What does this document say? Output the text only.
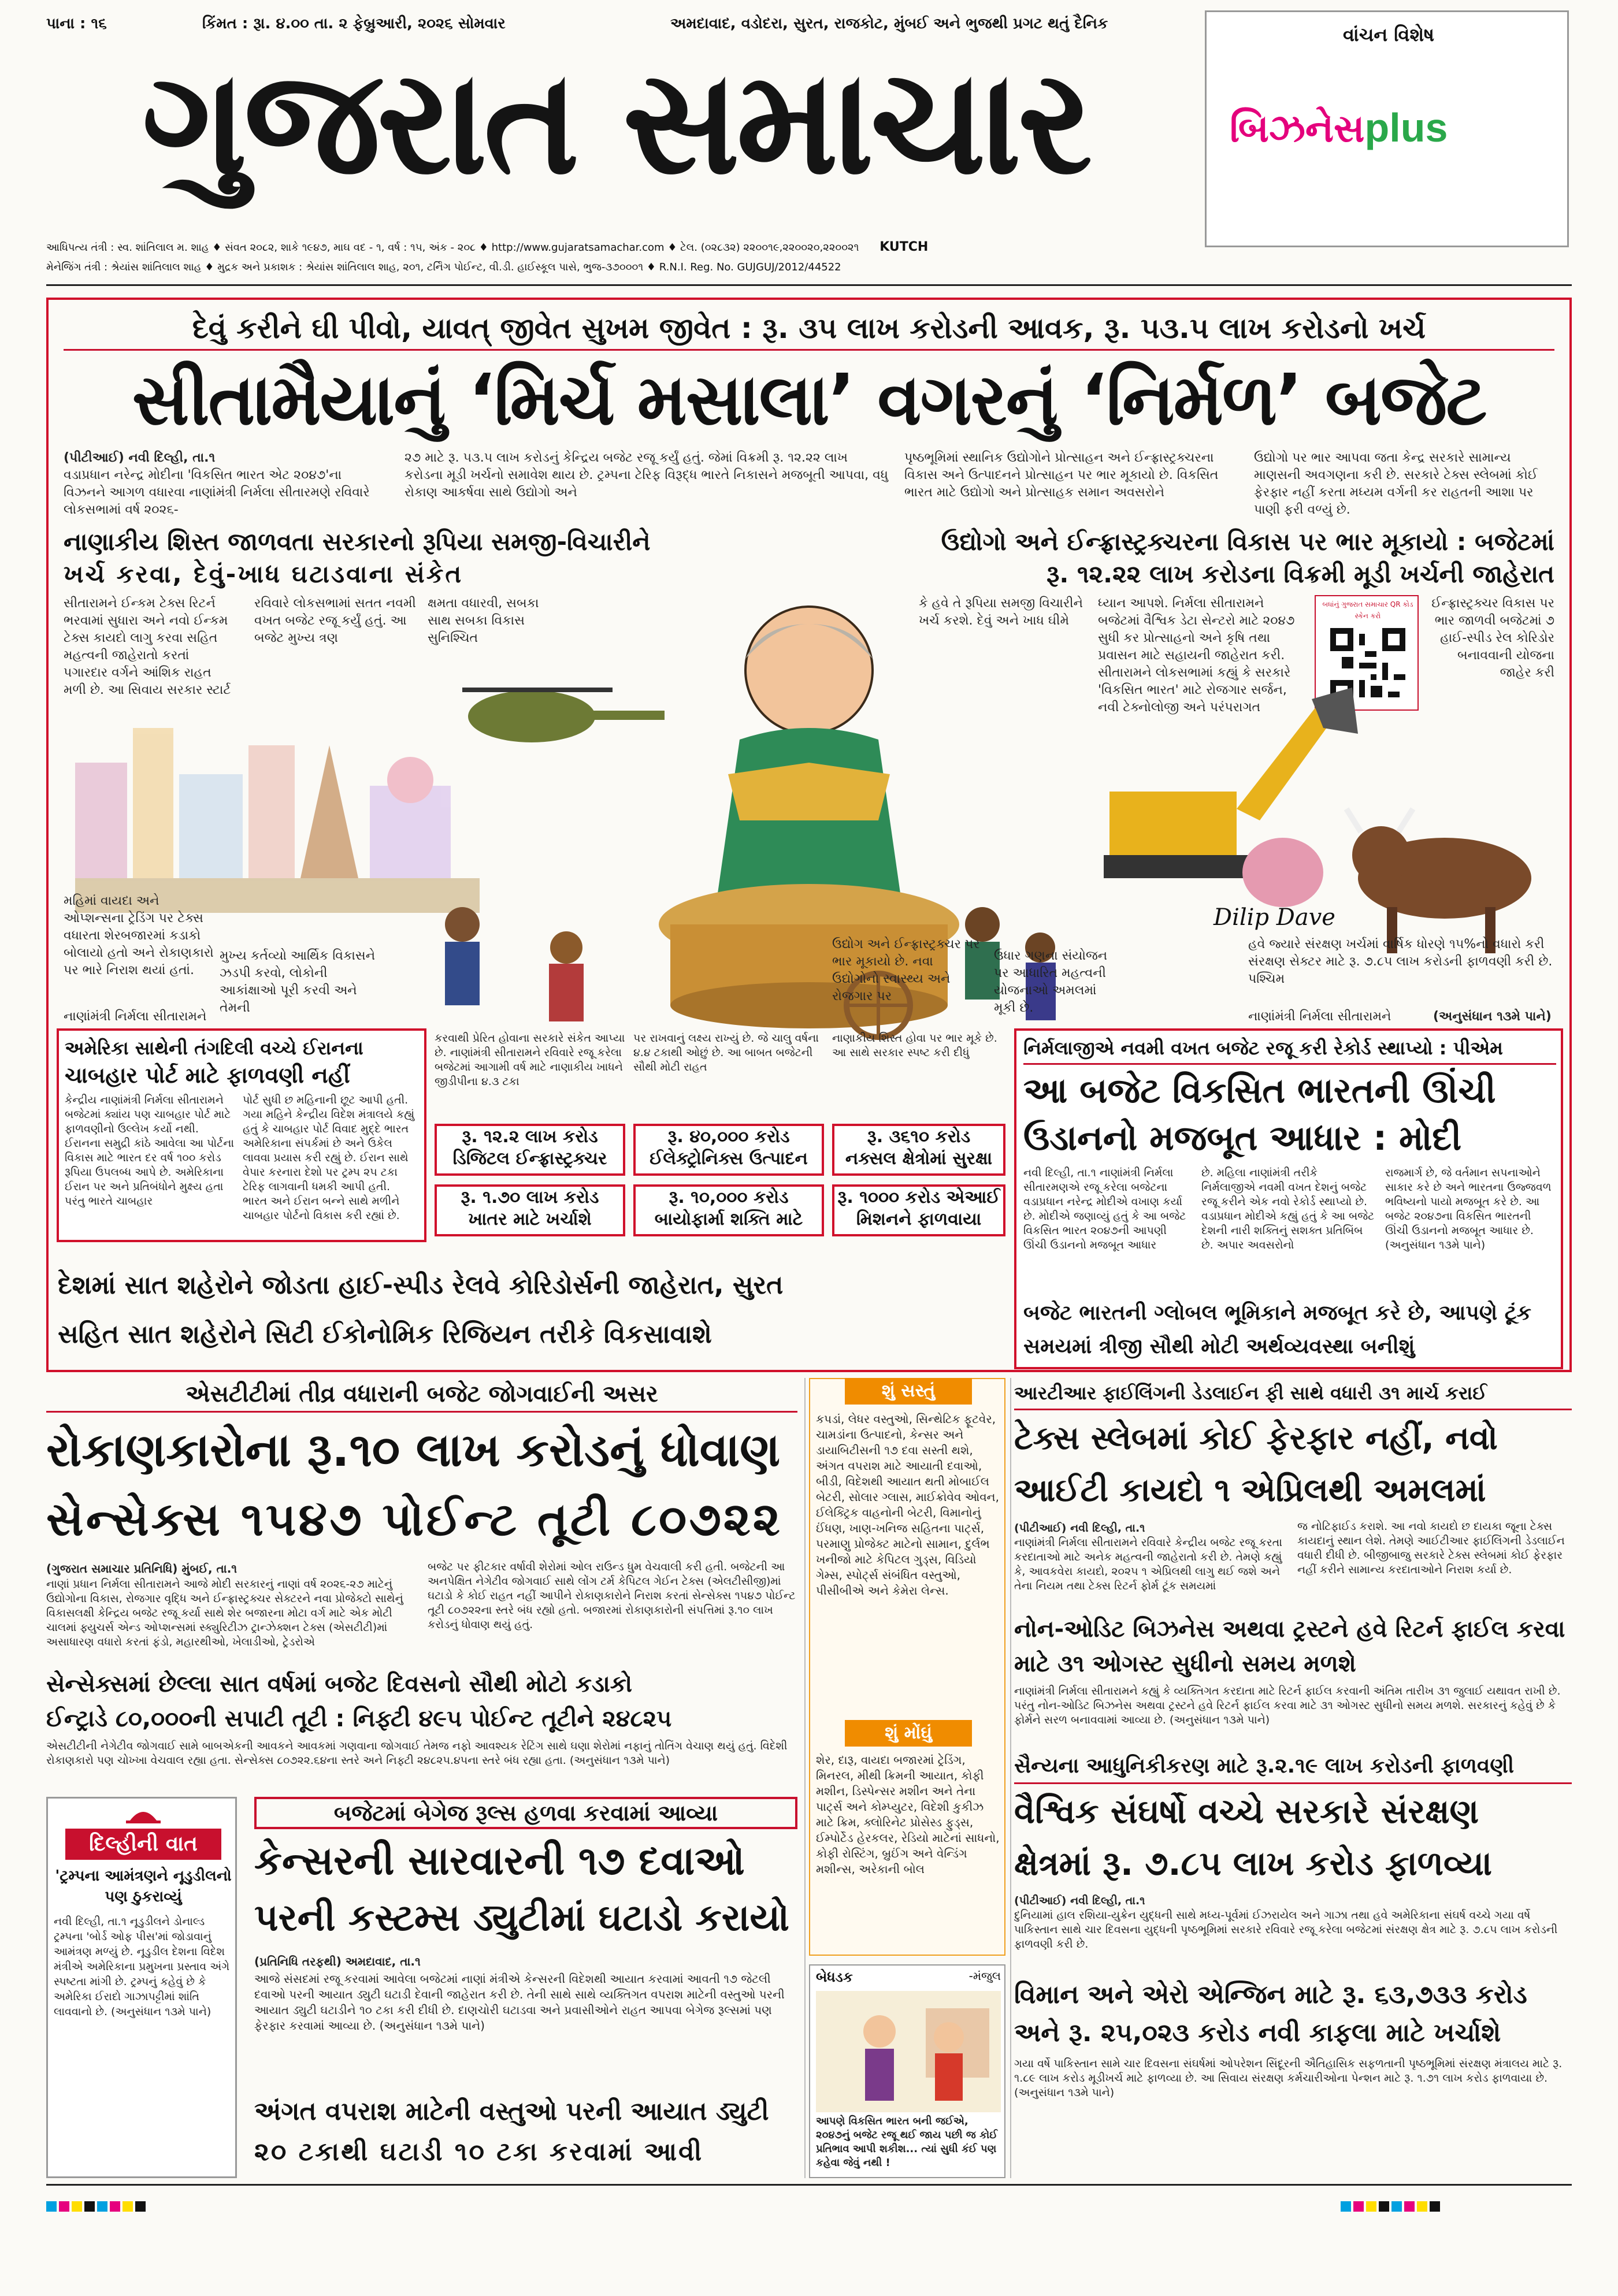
પાના : ૧૬	કિંમત : રૂા. ૪.૦૦ તા. ૨ ફેબ્રુઆરી, ૨૦૨૬ સોમવાર	અમદાવાદ, વડોદરા, સુરત, રાજકોટ, મુંબઈ અને ભુજથી પ્રગટ થતું દૈનિક
ગુજરાત સમાચાર
વાંચન વિશેષ
બિઝનેસplus
આધિપત્ય તંત્રી : સ્વ. શાંતિલાલ મ. શાહ ♦ સંવત ૨૦૮૨, શાકે ૧૯૪૭, માઘ વદ - ૧, વર્ષ : ૧૫, અંક - ૨૦૮ ♦ http://www.gujaratsamachar.com ♦ ટેલ. (૦૨૮૩૨) ૨૨૦૦૧૯,૨૨૦૦૨૦,૨૨૦૦૨૧ KUTCH
મેનેજિંગ તંત્રી : શ્રેયાંસ શાંતિલાલ શાહ ♦ મુદ્રક અને પ્રકાશક : શ્રેયાંસ શાંતિલાલ શાહ, ૨૦૧, ટર્નિંગ પોઈન્ટ, વી.ડી. હાઈસ્કૂલ પાસે, ભુજ-૩૭૦૦૦૧ ♦ R.N.I. Reg. No. GUJGUJ/2012/44522
દેવું કરીને ઘી પીવો, યાવત્ જીવેત સુખમ જીવેત : રૂ. ૩૫ લાખ કરોડની આવક, રૂ. ૫૩.૫ લાખ કરોડનો ખર્ચ
સીતામૈયાનું ‘મિર્ચ મસાલા’ વગરનું ‘નિર્મળ’ બજેટ
(પીટીઆઈ) નવી દિલ્હી, તા.૧
વડાપ્રધાન નરેન્દ્ર મોદીના 'વિકસિત ભારત એટ ૨૦૪૭'ના વિઝનને આગળ વધારવા નાણાંમંત્રી નિર્મલા સીતારમણે રવિવારે લોકસભામાં વર્ષ ૨૦૨૬-
૨૭ માટે રૂ. ૫૩.૫ લાખ કરોડનું કેન્દ્રિય બજેટ રજૂ કર્યું હતું. જેમાં વિક્રમી રૂ. ૧૨.૨૨ લાખ કરોડના મૂડી ખર્ચનો સમાવેશ થાય છે. ટ્રમ્પના ટેરિફ વિરૂદ્ધ ભારતે નિકાસને મજબૂતી આપવા, વધુ રોકાણ આકર્ષવા સાથે ઉદ્યોગો અને
પૃષ્ઠભૂમિમાં સ્થાનિક ઉદ્યોગોને પ્રોત્સાહન અને ઈન્ફ્રાસ્ટ્રક્ચરના વિકાસ અને ઉત્પાદનને પ્રોત્સાહન પર ભાર મૂકાયો છે. વિકસિત ભારત માટે ઉદ્યોગો અને પ્રોત્સાહક સમાન અવસરોને
ઉદ્યોગો પર ભાર આપવા જતા કેન્દ્ર સરકારે સામાન્ય માણસની અવગણના કરી છે. સરકારે ટેક્સ સ્લેબમાં કોઈ ફેરફાર નહીં કરતા મધ્યમ વર્ગની કર રાહતની આશા પર પાણી ફરી વળ્યું છે.
નાણાકીય શિસ્ત જાળવતા સરકારનો રૂપિયા સમજી-વિચારીને
ખર્ચ કરવા, દેવું-ખાધ ઘટાડવાના સંકેત
ઉદ્યોગો અને ઈન્ફ્રાસ્ટ્રક્ચરના વિકાસ પર ભાર મૂકાયો : બજેટમાં
રૂ. ૧૨.૨૨ લાખ કરોડના વિક્રમી મૂડી ખર્ચની જાહેરાત
સીતારામને ઈન્કમ ટેક્સ રિટર્ન ભરવામાં સુધારા અને નવો ઈન્કમ ટેક્સ કાયદો લાગુ કરવા સહિત મહત્વની જાહેરાતો કરતાં પગારદાર વર્ગને આંશિક રાહત મળી છે. આ સિવાય સરકાર સ્ટાર્ટ
રવિવારે લોકસભામાં સતત નવમી વખત બજેટ રજૂ કર્યું હતું. આ બજેટ મુખ્ય ત્રણ
ક્ષમતા વધારવી, સબકા સાથ સબકા વિકાસ સુનિશ્ચિત
કે હવે તે રૂપિયા સમજી વિચારીને ખર્ચ કરશે. દેવું અને ખાધ ઘીમે
ધ્યાન આપશે. નિર્મલા સીતારામને બજેટમાં વૈશ્વિક ડેટા સેન્ટરો માટે ૨૦૪૭ સુધી કર પ્રોત્સાહનો અને કૃષિ તથા પ્રવાસન માટે સહાયની જાહેરાત કરી. સીતારામને લોકસભામાં કહ્યું કે સરકારે 'વિકસિત ભારત' માટે રોજગાર સર્જન, નવી ટેક્નોલોજી અને પરંપરાગત
ઈન્ફ્રાસ્ટ્રક્ચર વિકાસ પર ભાર જાળવી બજેટમાં ૭ હાઈ-સ્પીડ રેલ કોરિડોર બનાવવાની યોજના જાહેર કરી
બધાંનું ગુજરાત સમાચાર QR કોડ સ્કેન કરો
Dilip Dave
મહિમાં વાયદા અને ઓપ્શન્સના ટ્રેડિંગ પર ટેક્સ વધારતા શેરબજારમાં કડાકો બોલાયો હતો અને રોકાણકારો પર ભારે નિરાશ થયાં હતાં.
મુખ્ય કર્તવ્યો આર્થિક વિકાસને ઝડપી કરવો, લોકોની આકાંક્ષાઓ પૂરી કરવી અને તેમની
ઉદ્યોગ અને ઈન્ફ્રાસ્ટ્રક્ચર પર ભાર મૂકાયો છે. નવા ઉદ્યોગોનો સ્વાસ્થ્ય અને રોજગાર પર
ઉધાર ગણના સંયોજન પર આધારિત મહત્વની યોજનાઓ અમલમાં મૂકી છે.
હવે જ્યારે સંરક્ષણ ખર્ચમાં વાર્ષિક ધોરણે ૧૫%નો વધારો કરી સંરક્ષણ સેક્ટર માટે રૂ. ૭.૮૫ લાખ કરોડની ફાળવણી કરી છે. પશ્ચિમ
નાણાંમંત્રી નિર્મલા સીતારામને	નાણાંમંત્રી નિર્મલા સીતારામને	(અનુસંધાન ૧૩મે પાને)
અમેરિકા સાથેની તંગદિલી વચ્ચે ઈરાનના
ચાબહાર પોર્ટ માટે ફાળવણી નહીં
કેન્દ્રીય નાણાંમંત્રી નિર્મલા સીતારામને બજેટમાં ક્યાંય પણ ચાબહાર પોર્ટ માટે ફાળવણીનો ઉલ્લેખ કર્યો નથી. ઈરાનના સમુદ્રી કાંઠે આવેલા આ પોર્ટના વિકાસ માટે ભારત દર વર્ષ ૧૦૦ કરોડ રૂપિયા ઉપલબ્ધ આપે છે. અમેરિકાના ઈરાન પર અને પ્રતિબંધોને મુક્ષ્ય હતા પરંતુ ભારતે ચાબહાર
પોર્ટ સુધી છ મહિનાની છૂટ આપી હતી. ગયા મહિને કેન્દ્રીય વિદેશ મંત્રાલયે કહ્યું હતું કે ચાબહાર પોર્ટ વિવાદ મુદ્દે ભારત અમેરિકાના સંપર્કમાં છે અને ઉકેલ લાવવા પ્રયાસ કરી રહ્યું છે. ઈરાન સાથે વેપાર કરનારા દેશો પર ટ્રમ્પ ૨૫ ટકા ટેરિફ લાગવાની ધમકી આપી હતી. ભારત અને ઈરાન બન્ને સાથે મળીને ચાબહાર પોર્ટનો વિકાસ કરી રહ્યાં છે.
કરવાથી પ્રેરિત હોવાના સરકારે સંકેત આપ્યા છે. નાણાંમંત્રી સીતારામને રવિવારે રજૂ કરેલા બજેટમાં આગામી વર્ષ માટે નાણાકીય ખાધને જીડીપીના ૪.૩ ટકા
પર રાખવાનું લક્ષ્ય રાખ્યું છે. જે ચાલુ વર્ષના ૪.૪ ટકાથી ઓછું છે. આ બાબત બજેટની સૌથી મોટી રાહત
નાણાકીય શિસ્ત હોવા પર ભાર મૂકે છે. આ સાથે સરકાર સ્પષ્ટ કરી દીધું
રૂ. ૧૨.૨ લાખ કરોડ
ડિજિટલ ઈન્ફ્રાસ્ટ્રક્ચર
રૂ. ૪૦,૦૦૦ કરોડ
ઈલેક્ટ્રોનિક્સ ઉત્પાદન
રૂ. ૩૬૧૦ કરોડ
નક્સલ ક્ષેત્રોમાં સુરક્ષા
રૂ. ૧.૭૦ લાખ કરોડ
ખાતર માટે ખર્ચાશે
રૂ. ૧૦,૦૦૦ કરોડ
બાયોફાર્મા શક્તિ માટે
રૂ. ૧૦૦૦ કરોડ એઆઈ
મિશનને ફાળવાયા
નિર્મલાજીએ નવમી વખત બજેટ રજૂ કરી રેકોર્ડ સ્થાપ્યો : પીએમ
આ બજેટ વિકસિત ભારતની ઊંચી
ઉડાનનો મજબૂત આધાર : મોદી
નવી દિલ્હી, તા.૧ નાણાંમંત્રી નિર્મલા સીતારમણએ રજૂ કરેલા બજેટના વડાપ્રધાન નરેન્દ્ર મોદીએ વખાણ કર્યા છે. મોદીએ જણાવ્યું હતું કે આ બજેટ વિકસિત ભારત ૨૦૪૭ની આપણી ઊંચી ઉડાનનો મજબૂત આધાર
છે. મહિલા નાણાંમંત્રી તરીકે નિર્મલાજીએ નવમી વખત દેશનું બજેટ રજૂ કરીને એક નવો રેકોર્ડ સ્થાપ્યો છે. વડાપ્રધાન મોદીએ કહ્યું હતું કે આ બજેટ દેશની નારી શક્તિનું સશક્ત પ્રતિબિંબ છે. અપાર અવસરોનો
રાજમાર્ગ છે, જે વર્તમાન સપનાઓને સાકાર કરે છે અને ભારતના ઉજ્જવળ ભવિષ્યનો પાયો મજબૂત કરે છે. આ બજેટ ૨૦૪૭ના વિકસિત ભારતની ઊંચી ઉડાનનો મજબૂત આધાર છે. (અનુસંધાન ૧૩મે પાને)
બજેટ ભારતની ગ્લોબલ ભૂમિકાને મજબૂત કરે છે, આપણે ટૂંક સમયમાં ત્રીજી સૌથી મોટી અર્થવ્યવસ્થા બનીશું
દેશમાં સાત શહેરોને જોડતા હાઈ-સ્પીડ રેલવે કોરિડોર્સની જાહેરાત, સુરત
સહિત સાત શહેરોને સિટી ઈકોનોમિક રિજિયન તરીકે વિકસાવાશે
એસટીટીમાં તીવ્ર વધારાની બજેટ જોગવાઈની અસર
રોકાણકારોના રૂ.૧૦ લાખ કરોડનું ધોવાણ
સેન્સેક્સ ૧૫૪૭ પોઈન્ટ તૂટી ૮૦૭૨૨
(ગુજરાત સમાચાર પ્રતિનિધિ) મુંબઈ, તા.૧
નાણાં પ્રધાન નિર્મલા સીતારામને આજે મોદી સરકારનું નાણાં વર્ષ ૨૦૨૬-૨૭ માટેનું ઉદ્યોગોના વિકાસ, રોજગાર વૃદ્ધિ અને ઈન્ફ્રાસ્ટ્રક્ચર સેક્ટરને નવા પ્રોજેક્ટો સાથેનું વિકાસલક્ષી કેન્દ્રિય બજેટ રજૂ કર્યા સાથે શેર બજારના મોટા વર્ગ માટે એક મોટી ચાલમાં ફ્યુચર્સ એન્ડ ઓપ્શન્સમાં સ્ક્યુરિટીઝ ટ્રાન્ઝેક્શન ટેક્સ (એસટીટી)માં અસાધારણ વધારો કરતાં ફંડો, મહારથીઓ, ખેલાડીઓ, ટ્રેડરોએ
બજેટ પર ફીટકાર વર્ષાવી શેરોમાં ઓલ રાઉન્ડ ધુમ વેચવાલી કરી હતી. બજેટની આ અનપેક્ષિત નેગેટીવ જોગવાઈ સાથે લોંગ ટર્મ કેપિટલ ગેઈન ટેક્સ (એલટીસીજી)માં ઘટાડો કે કોઈ રાહત નહીં આપીને રોકાણકારોને નિરાશ કરતાં સેન્સેક્સ ૧૫૪૭ પોઈન્ટ તૂટી ૮૦૭૨૨ના સ્તરે બંધ રહ્યો હતો. બજારમાં રોકાણકારોની સંપત્તિમાં રૂ.૧૦ લાખ કરોડનું ધોવાણ થયું હતું.
સેન્સેક્સમાં છેલ્લા સાત વર્ષમાં બજેટ દિવસનો સૌથી મોટો કડાકો
ઈન્ટ્રાડે ૮૦,૦૦૦ની સપાટી તૂટી : નિફ્ટી ૪૯૫ પોઈન્ટ તૂટીને ૨૪૮૨૫
એસટીટીની નેગેટીવ જોગવાઈ સામે બાબએકની આવકને આવકમાં ગણવાના જોગવાઈ તેમજ નફો આવશ્યક રેટિંગ સાથે ઘણા શેરોમાં નફાનું તોતિંગ વેચાણ થયું હતું. વિદેશી રોકાણકારો પણ ચોખ્ખા વેચવાલ રહ્યા હતા. સેન્સેક્સ ૮૦૭૨૨.૬૪ના સ્તરે અને નિફ્ટી ૨૪૮૨૫.૪૫ના સ્તરે બંધ રહ્યા હતા. (અનુસંધાન ૧૩મે પાને)
દિલ્હીની વાત
'ટ્રમ્પના આમંત્રણને નૂડુડીલનો પણ ઠુકરાવ્યું
નવી દિલ્હી, તા.૧ નૂડુડીલને ડોનાલ્ડ ટ્રમ્પના 'બોર્ડ ઓફ પીસ'માં જોડાવાનું આમંત્રણ મળ્યું છે. નૂડુડીલ દેશના વિદેશ મંત્રીએ અમેરિકાના પ્રમુખના પ્રસ્તાવ અંગે સ્પષ્ટતા માંગી છે. ટ્રમ્પનું કહેવું છે કે અમેરિકા ઈરાદો ગાઝાપટ્ટીમાં શાંતિ લાવવાનો છે. (અનુસંધાન ૧૩મે પાને)
બજેટમાં બેગેજ રૂલ્સ હળવા કરવામાં આવ્યા
કેન્સરની સારવારની ૧૭ દવાઓ
પરની કસ્ટમ્સ ડ્યુટીમાં ઘટાડો કરાયો
(પ્રતિનિધિ તરફથી) અમદાવાદ, તા.૧
આજે સંસદમાં રજૂ કરવામાં આવેલા બજેટમાં નાણાં મંત્રીએ કેન્સરની વિદેશથી આયાત કરવામાં આવતી ૧૭ જેટલી દવાઓ પરની આયાત ડ્યુટી ઘટાડી દેવાની જાહેરાત કરી છે. તેની સાથે સાથે વ્યક્તિગત વપરાશ માટેની વસ્તુઓ પરની આયાત ડ્યુટી ઘટાડીને ૧૦ ટકા કરી દીધી છે. દાણચોરી ઘટાડવા અને પ્રવાસીઓને રાહત આપવા બેગેજ રૂલ્સમાં પણ ફેરફાર કરવામાં આવ્યા છે. (અનુસંધાન ૧૩મે પાને)
અંગત વપરાશ માટેની વસ્તુઓ પરની આયાત ડ્યુટી
૨૦ ટકાથી ઘટાડી ૧૦ ટકા કરવામાં આવી
શું સસ્તું
કપડાં, લેધર વસ્તુઓ, સિન્થેટિક ફૂટવેર, ચામડાંના ઉત્પાદનો, કેન્સર અને ડાયાબિટીસની ૧૭ દવા સસ્તી થશે, અંગત વપરાશ માટે આયાતી દવાઓ, બીડી, વિદેશથી આયાત થતી મોબાઈલ બેટરી, સોલાર ગ્લાસ, માઈક્રોવેવ ઓવન, ઈલેક્ટ્રિક વાહનોની બેટરી, વિમાનોનું ઈંધણ, ખાણ-ખનિજ સહિતના પાર્ટ્સ, પરમાણુ પ્રોજેક્ટ માટેનો સામાન, દુર્લભ ખનીજો માટે કેપિટલ ગુડ્સ, વિડિયો ગેમ્સ, સ્પોર્ટ્સ સંબંધિત વસ્તુઓ, પીસીબીએ અને કેમેરા લેન્સ.
શું મોંઘું
શેર, દારૂ, વાયદા બજારમાં ટ્રેડિંગ, મિનરલ, મીથી ક્રિમની આયાત, કોફી મશીન, ડિસ્પેન્સર મશીન અને તેના પાર્ટ્સ અને કોમ્પ્યુટર, વિદેશી કુકીઝ માટે ક્રિમ, ક્લોરિનેટ પ્રોસેસ્ડ ફુડ્સ, ઈમ્પોર્ટેડ હેરકલર, રેડિયો માટેનાં સાધનો, કોફી રોસ્ટિંગ, બ્રુઈંગ અને વેન્ડિંગ મશીન્સ, અરેકાની બોલ
બેધડક	-મંજુલ
આપણે વિકસિત ભારત બની જઈએ, ૨૦૪૭નું બજેટ રજૂ થઈ જાય પછી જ કોઈ પ્રતિભાવ આપી શકીશ... ત્યાં સુધી કંઈ પણ કહેવા જેવું નથી !
આરટીઆર ફાઈલિંગની ડેડલાઈન ફી સાથે વધારી ૩૧ માર્ચ કરાઈ
ટેક્સ સ્લેબમાં કોઈ ફેરફાર નહીં, નવો
આઈટી કાયદો ૧ એપ્રિલથી અમલમાં
(પીટીઆઈ) નવી દિલ્હી, તા.૧
નાણાંમંત્રી નિર્મલા સીતારામને રવિવારે કેન્દ્રીય બજેટ રજૂ કરતા કરદાતાઓ માટે અનેક મહત્વની જાહેરાતો કરી છે. તેમણે કહ્યું કે, આવકવેરા કાયદો, ૨૦૨૫ ૧ એપ્રિલથી લાગુ થઈ જશે અને તેના નિયમ તથા ટેક્સ રિટર્ન ફોર્મ ટૂંક સમયમાં
જ નોટિફાઈડ કરાશે. આ નવો કાયદો છ દાયકા જૂના ટેક્સ કાયદાનું સ્થાન લેશે. તેમણે આઈટીઆર ફાઈલિંગની ડેડલાઈન વધારી દીધી છે. બીજીબાજુ સરકારે ટેક્સ સ્લેબમાં કોઈ ફેરફાર નહીં કરીને સામાન્ય કરદાતાઓને નિરાશ કર્યા છે.
નોન-ઓડિટ બિઝનેસ અથવા ટ્રસ્ટને હવે રિટર્ન ફાઈલ કરવા માટે ૩૧ ઓગસ્ટ સુધીનો સમય મળશે
નાણાંમંત્રી નિર્મલા સીતારામને કહ્યું કે વ્યક્તિગત કરદાતા માટે રિટર્ન ફાઈલ કરવાની અંતિમ તારીખ ૩૧ જુલાઈ યથાવત રાખી છે. પરંતુ નોન-ઓડિટ બિઝનેસ અથવા ટ્રસ્ટને હવે રિટર્ન ફાઈલ કરવા માટે ૩૧ ઓગસ્ટ સુધીનો સમય મળશે. સરકારનું કહેવું છે કે ફોર્મને સરળ બનાવવામાં આવ્યા છે. (અનુસંધાન ૧૩મે પાને)
સૈન્યના આધુનિકીકરણ માટે રૂ.૨.૧૯ લાખ કરોડની ફાળવણી
વૈશ્વિક સંઘર્ષો વચ્ચે સરકારે સંરક્ષણ
ક્ષેત્રમાં રૂ. ૭.૮૫ લાખ કરોડ ફાળવ્યા
(પીટીઆઈ) નવી દિલ્હી, તા.૧
દુનિયામાં હાલ રશિયા-યુક્રેન યુદ્ધની સાથે મધ્ય-પૂર્વમાં ઈઝરાયેલ અને ગાઝા તથા હવે અમેરિકાના સંઘર્ષ વચ્ચે ગયા વર્ષે પાકિસ્તાન સાથે ચાર દિવસના યુદ્ધની પૃષ્ઠભૂમિમાં સરકારે રવિવારે રજૂ કરેલા બજેટમાં સંરક્ષણ ક્ષેત્ર માટે રૂ. ૭.૮૫ લાખ કરોડની ફાળવણી કરી છે.
વિમાન અને એરો એન્જિન માટે રૂ. ૬૩,૭૩૩ કરોડ
અને રૂ. ૨૫,૦૨૩ કરોડ નવી કાફલા માટે ખર્ચાશે
ગયા વર્ષે પાકિસ્તાન સામે ચાર દિવસના સંઘર્ષમાં ઓપરેશન સિંદૂરની ઐતિહાસિક સફળતાની પૃષ્ઠભૂમિમાં સંરક્ષણ મંત્રાલય માટે રૂ. ૧.૮૯ લાખ કરોડ મૂડીખર્ચ માટે ફાળવ્યા છે. આ સિવાય સંરક્ષણ કર્મચારીઓના પેન્શન માટે રૂ. ૧.૭૧ લાખ કરોડ ફાળવાયા છે. (અનુસંધાન ૧૩મે પાને)
